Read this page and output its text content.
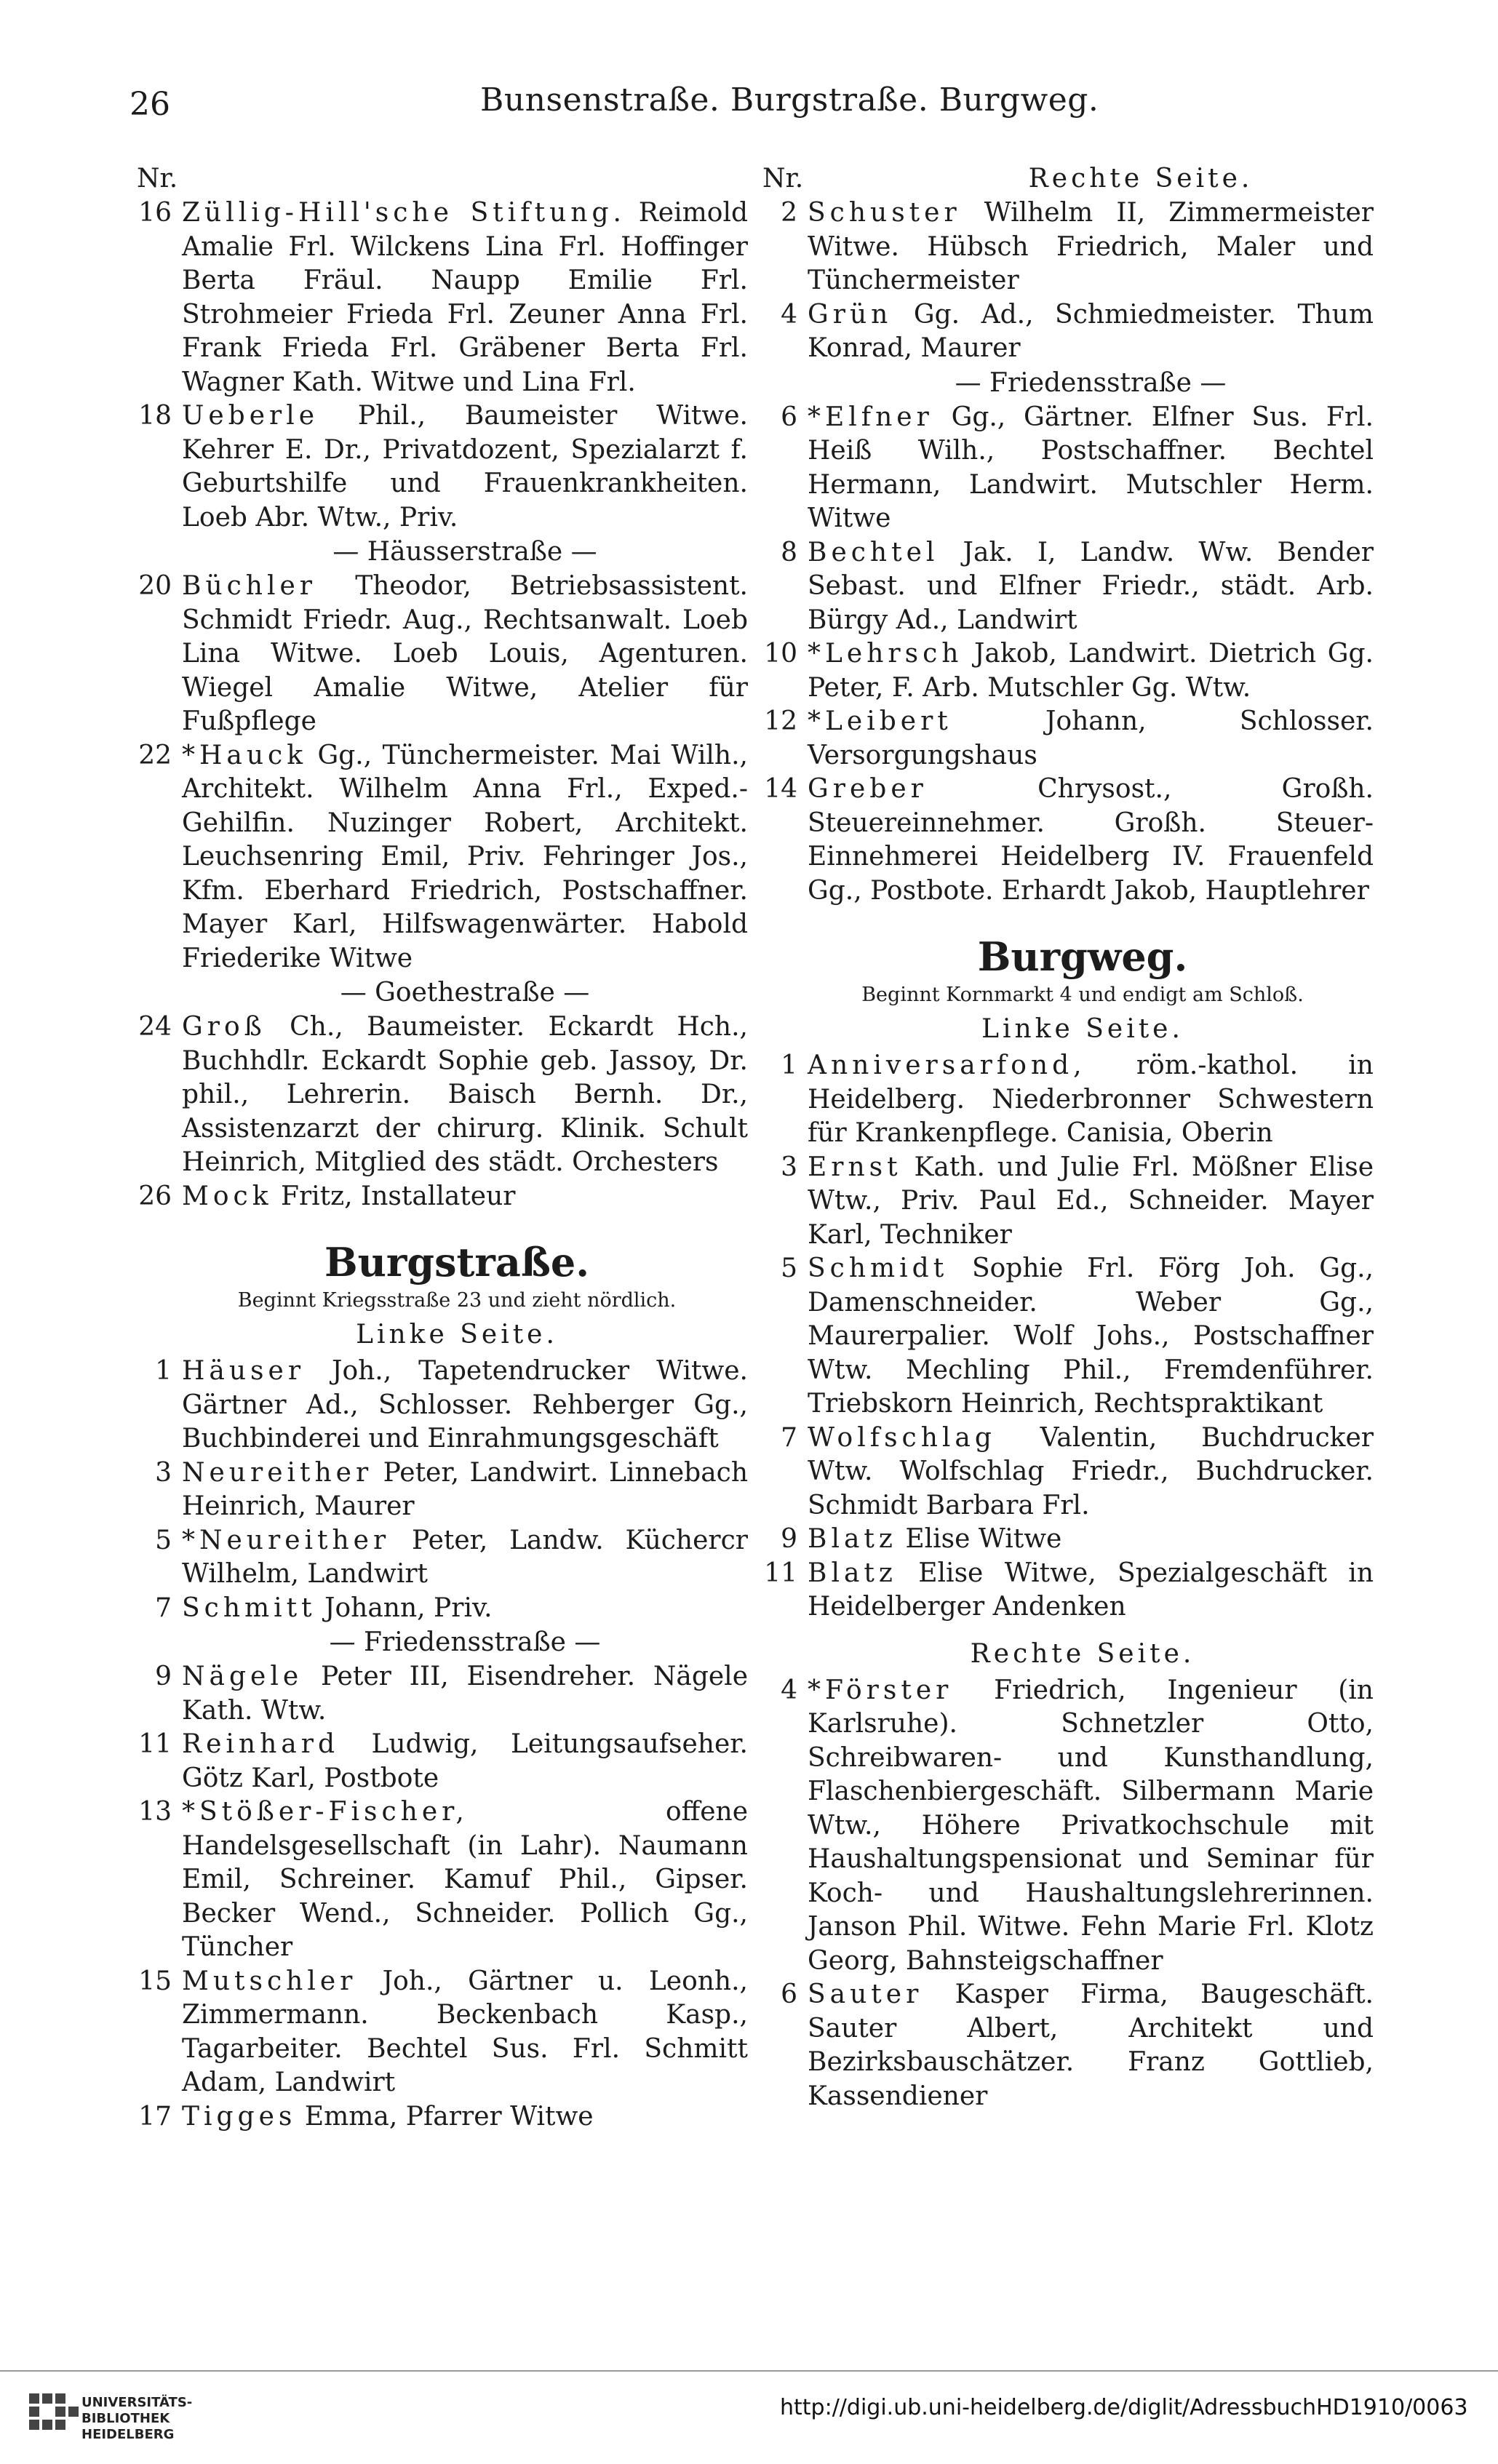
26	Bunsenstraße. Burgstraße. Burgweg.
Nr.
16 Züllig-Hill'sche Stiftung. Reimold Amalie Frl. Wilckens Lina Frl. Hoffinger Berta Fräul. Naupp Emilie Frl. Strohmeier Frieda Frl. Zeuner Anna Frl. Frank Frieda Frl. Gräbener Berta Frl. Wagner Kath. Witwe und Lina Frl.
18 Ueberle Phil., Baumeister Witwe. Kehrer E. Dr., Privatdozent, Spezialarzt f. Geburtshilfe und Frauenkrankheiten. Loeb Abr. Wtw., Priv.
— Häusserstraße —
20 Büchler Theodor, Betriebsassistent. Schmidt Friedr. Aug., Rechtsanwalt. Loeb Lina Witwe. Loeb Louis, Agenturen. Wiegel Amalie Witwe, Atelier für Fußpflege
22 *Hauck Gg., Tünchermeister. Mai Wilh., Architekt. Wilhelm Anna Frl., Exped.-Gehilfin. Nuzinger Robert, Architekt. Leuchsenring Emil, Priv. Fehringer Jos., Kfm. Eberhard Friedrich, Postschaffner. Mayer Karl, Hilfswagenwärter. Habold Friederike Witwe
— Goethestraße —
24 Groß Ch., Baumeister. Eckardt Hch., Buchhdlr. Eckardt Sophie geb. Jassoy, Dr. phil., Lehrerin. Baisch Bernh. Dr., Assistenzarzt der chirurg. Klinik. Schult Heinrich, Mitglied des städt. Orchesters
26 Mock Fritz, Installateur
Burgstraße.
Beginnt Kriegsstraße 23 und zieht nördlich.
Linke Seite.
1 Häuser Joh., Tapetendrucker Witwe. Gärtner Ad., Schlosser. Rehberger Gg., Buchbinderei und Einrahmungsgeschäft
3 Neureither Peter, Landwirt. Linnebach Heinrich, Maurer
5 *Neureither Peter, Landw. Küchercr Wilhelm, Landwirt
7 Schmitt Johann, Priv.
— Friedensstraße —
9 Nägele Peter III, Eisendreher. Nägele Kath. Wtw.
11 Reinhard Ludwig, Leitungsaufseher. Götz Karl, Postbote
13 *Stößer-Fischer,	offene Handelsgesellschaft (in Lahr). Naumann Emil, Schreiner. Kamuf Phil., Gipser. Becker Wend., Schneider. Pollich Gg., Tüncher
15 Mutschler Joh., Gärtner u. Leonh., Zimmermann. Beckenbach Kasp., Tagarbeiter. Bechtel Sus. Frl. Schmitt Adam, Landwirt
17 Tigges Emma, Pfarrer Witwe
Nr.	Rechte Seite.
2 Schuster Wilhelm II, Zimmermeister Witwe. Hübsch Friedrich, Maler und Tünchermeister
4 Grün Gg. Ad., Schmiedmeister. Thum Konrad, Maurer
— Friedensstraße —
6 *Elfner Gg., Gärtner. Elfner Sus. Frl. Heiß Wilh., Postschaffner. Bechtel Hermann, Landwirt. Mutschler Herm. Witwe
8 Bechtel Jak. I, Landw. Ww. Bender Sebast. und Elfner Friedr., städt. Arb. Bürgy Ad., Landwirt
10 *Lehrsch Jakob, Landwirt. Dietrich Gg. Peter, F. Arb. Mutschler Gg. Wtw.
12 *Leibert	Johann, Schlosser. Versorgungshaus
14 Greber	Chrysost., Großh. Steuereinnehmer. Großh. Steuer-Einnehmerei Heidelberg IV. Frauenfeld Gg., Postbote. Erhardt Jakob, Hauptlehrer
Burgweg.
Beginnt Kornmarkt 4 und endigt am Schloß.
Linke Seite.
1 Anniversarfond, röm.-kathol. in Heidelberg. Niederbronner Schwestern für Krankenpflege. Canisia, Oberin
3 Ernst Kath. und Julie Frl. Mößner Elise Wtw., Priv. Paul Ed., Schneider. Mayer Karl, Techniker
5 Schmidt Sophie Frl. Förg Joh. Gg., Damenschneider. Weber Gg., Maurerpalier. Wolf Johs., Postschaffner Wtw. Mechling Phil., Fremdenführer. Triebskorn Heinrich, Rechtspraktikant
7 Wolfschlag Valentin, Buchdrucker Wtw. Wolfschlag Friedr., Buchdrucker. Schmidt Barbara Frl.
9 Blatz Elise Witwe
11 Blatz Elise Witwe, Spezialgeschäft in Heidelberger Andenken
Rechte Seite.
4 *Förster Friedrich, Ingenieur (in Karlsruhe). Schnetzler Otto, Schreibwaren- und Kunsthandlung, Flaschenbiergeschäft. Silbermann Marie Wtw., Höhere Privatkochschule mit Haushaltungspensionat und Seminar für Koch- und Haushaltungslehrerinnen. Janson Phil. Witwe. Fehn Marie Frl. Klotz Georg, Bahnsteigschaffner
6 Sauter Kasper Firma, Baugeschäft. Sauter Albert, Architekt und Bezirksbauschätzer. Franz Gottlieb, Kassendiener
UNIVERSITÄTS-
BIBLIOTHEK
HEIDELBERG
http://digi.ub.uni-heidelberg.de/diglit/AdressbuchHD1910/0063
